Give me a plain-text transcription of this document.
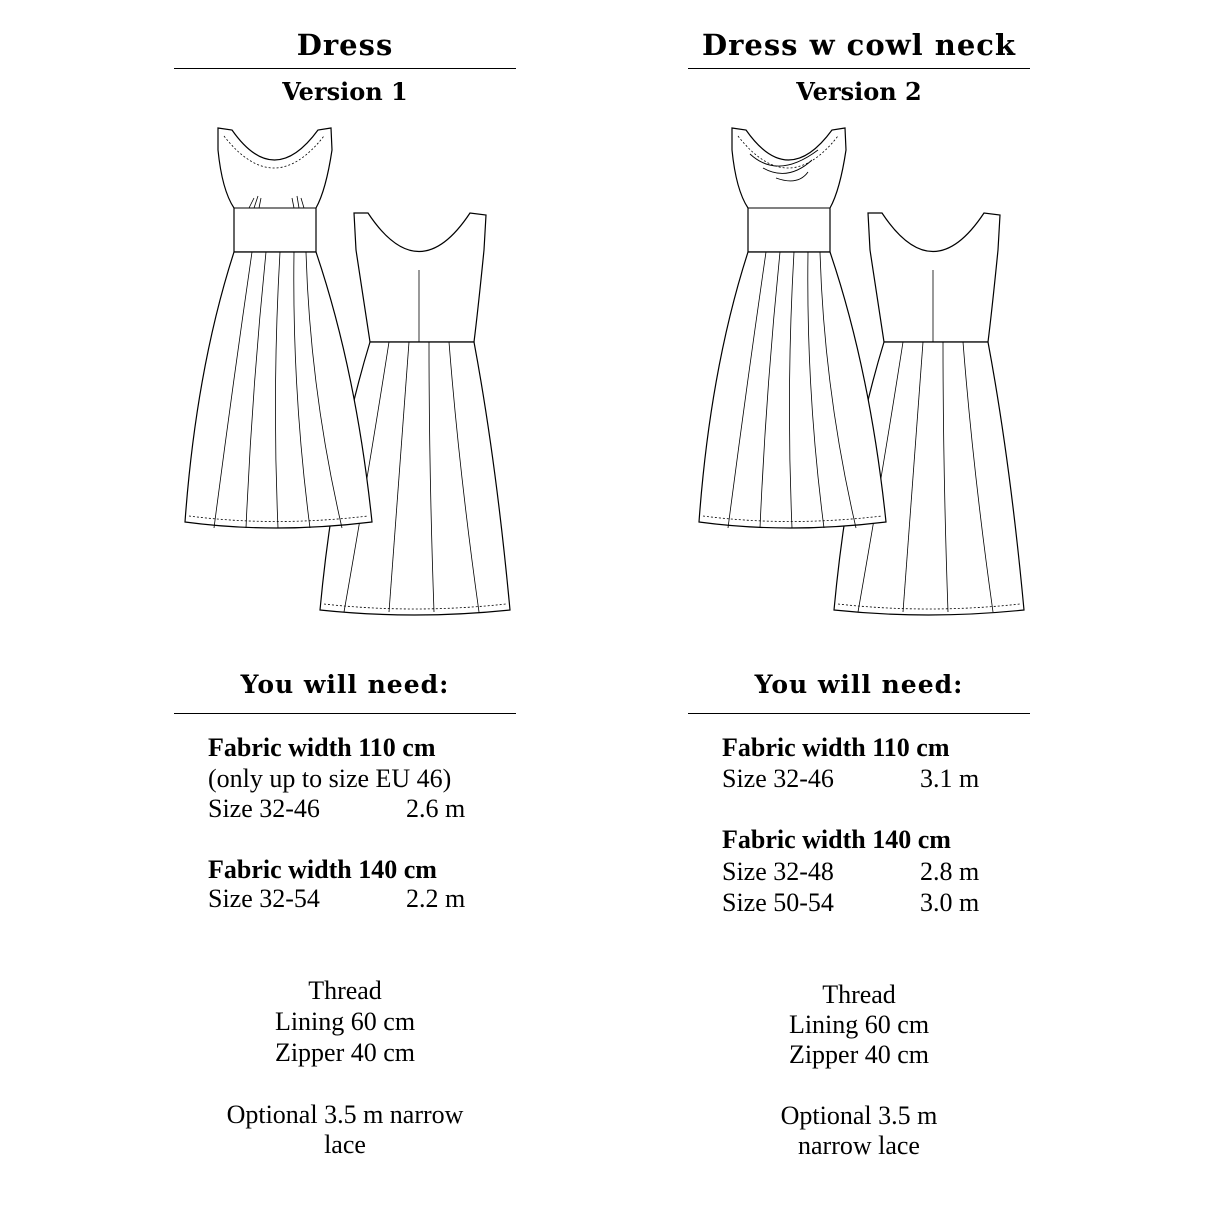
Dress
Version 1
You will need:
Fabric width 110 cm
(only up to size EU 46)
Size 32-46	2.6 m
Fabric width 140 cm
Size 32-54	2.2 m
Thread
Lining 60 cm
Zipper 40 cm
Optional 3.5 m narrow
lace
Dress w cowl neck
Version 2
You will need:
Fabric width 110 cm
Size 32-46	3.1 m
Fabric width 140 cm
Size 32-48	2.8 m
Size 50-54	3.0 m
Thread
Lining 60 cm
Zipper 40 cm
Optional 3.5 m
narrow lace
